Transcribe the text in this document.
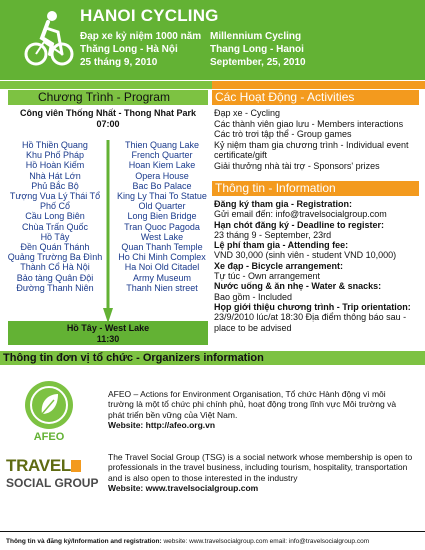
HANOI CYCLING
Đạp xe kỷ niệm 1000 năm
Thăng Long - Hà Nội
25 tháng 9, 2010
Millennium Cycling
Thang Long - Hanoi
September, 25, 2010
Chương Trình - Program
Công viên Thống Nhất - Thong Nhat Park
07:00
Hồ Thiền Quang
Khu Phố Pháp
Hồ Hoàn Kiếm
Nhà Hát Lớn
Phủ Bắc Bộ
Tượng Vua Lý Thái Tổ
Phố Cổ
Cầu Long Biên
Chùa Trấn Quốc
Hồ Tây
Đền Quán Thánh
Quảng Trường Ba Đình
Thành Cổ Hà Nội
Bảo tàng Quân Đội
Đường Thanh Niên
Thien Quang Lake
French Quarter
Hoan Kiem Lake
Opera House
Bac Bo Palace
King Ly Thai To Statue
Old Quarter
Long Bien Bridge
Tran Quoc Pagoda
West Lake
Quan Thanh Temple
Ho Chi Minh Complex
Ha Noi Old Citadel
Army Museum
Thanh Nien street
Hồ Tây - West Lake
11:30
Các Hoạt Động - Activities
Đạp xe - Cycling
Các thành viên giao lưu - Members interactions
Các trò trơi tập thể - Group games
Kỷ niệm tham gia chương trình - Individual event certificate/gift
Giải thưởng nhà tài trợ - Sponsors' prizes
Thông tin - Information
Đăng ký tham gia - Registration:
Gửi email đến: info@travelsocialgroup.com
Hạn chót đăng ký - Deadline to register:
23 tháng 9 - September, 23rd
Lệ phí tham gia - Attending fee:
VND 30,000 (sinh viên - student VND 10,000)
Xe đạp - Bicycle arrangement:
Tự túc - Own arrangement
Nước uống & ăn nhẹ - Water & snacks:
Bao gồm - Included
Họp giới thiệu chương trình - Trip orientation:
23/9/2010 lúc/at 18:30 Địa điểm thông báo sau - place to be advised
Thông tin đơn vị tổ chức - Organizers information
AFEO
AFEO – Actions for Environment Organisation, Tổ chức Hành động vì môi trường là một tổ chức phi chính phủ, hoạt động trong lĩnh vực Môi trường và phát triển bền vững của Việt Nam.
Website: http://afeo.org.vn
TRAVEL
SOCIAL GROUP
The Travel Social Group (TSG) is a social network whose membership is open to professionals in the travel business, including tourism, hospitality, transportation and is also open to those interested in the industry
Website: www.travelsocialgroup.com
Thông tin và đăng ký/Information and registration: website: www.travelsocialgroup.com email: info@travelsocialgroup.com
